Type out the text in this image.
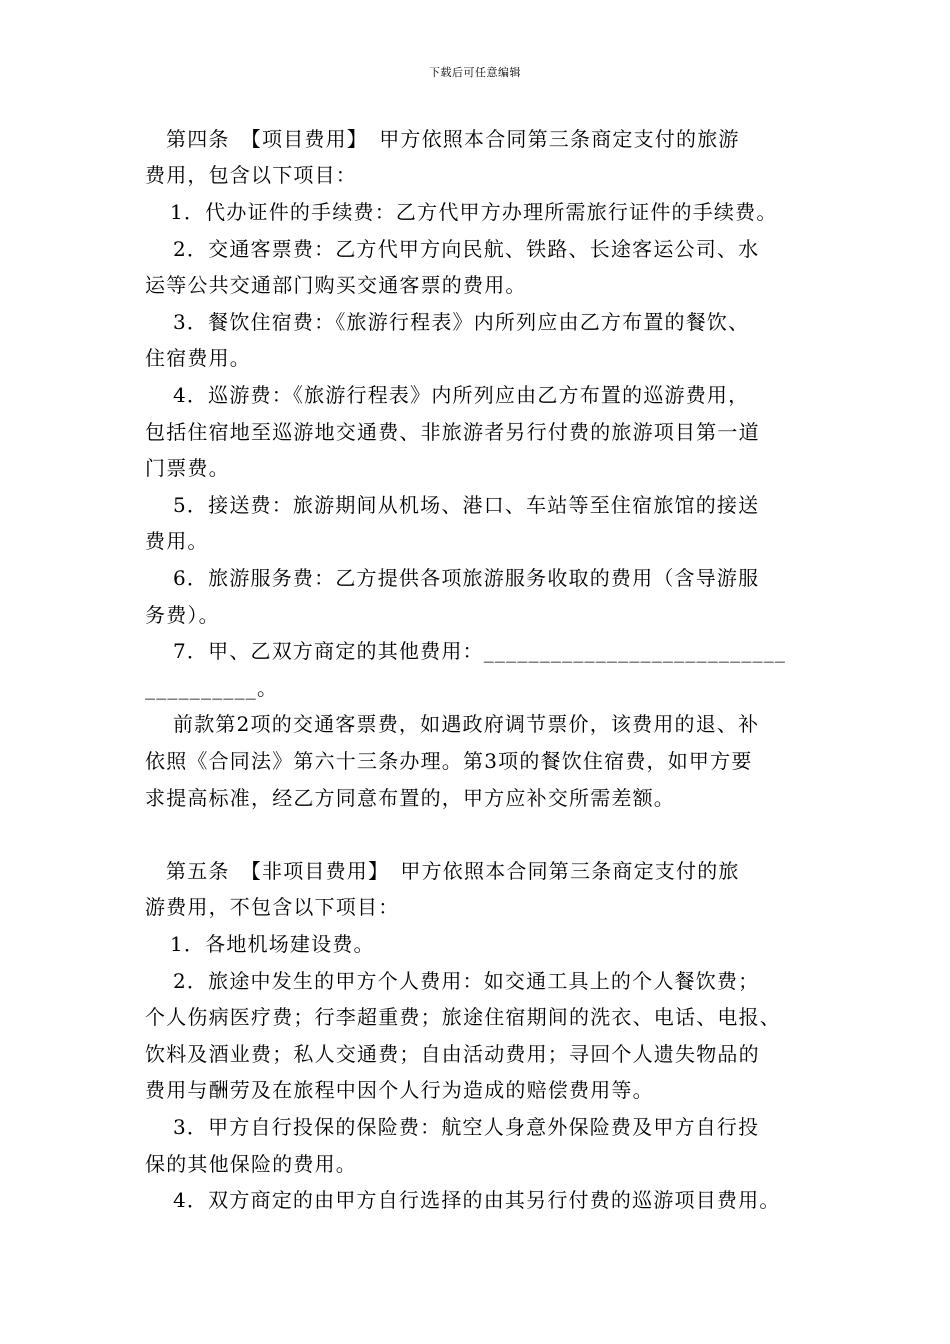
下载后可任意编辑
第四条　【项目费用】　甲方依照本合同第三条商定支付的旅游
费用，包含以下项目：
1．代办证件的手续费：乙方代甲方办理所需旅行证件的手续费。
2．交通客票费：乙方代甲方向民航、铁路、长途客运公司、水
运等公共交通部门购买交通客票的费用。
3．餐饮住宿费：《旅游行程表》内所列应由乙方布置的餐饮、
住宿费用。
4．巡游费：《旅游行程表》内所列应由乙方布置的巡游费用，
包括住宿地至巡游地交通费、非旅游者另行付费的旅游项目第一道
门票费。
5．接送费：旅游期间从机场、港口、车站等至住宿旅馆的接送
费用。
6．旅游服务费：乙方提供各项旅游服务收取的费用（含导游服
务费）。
7．甲、乙双方商定的其他费用：___________________________
__________。
前款第2项的交通客票费，如遇政府调节票价，该费用的退、补
依照《合同法》第六十三条办理。第3项的餐饮住宿费，如甲方要
求提高标准，经乙方同意布置的，甲方应补交所需差额。
第五条　【非项目费用】　甲方依照本合同第三条商定支付的旅
游费用，不包含以下项目：
1．各地机场建设费。
2．旅途中发生的甲方个人费用：如交通工具上的个人餐饮费；
个人伤病医疗费；行李超重费；旅途住宿期间的洗衣、电话、电报、
饮料及酒业费；私人交通费；自由活动费用；寻回个人遗失物品的
费用与酬劳及在旅程中因个人行为造成的赔偿费用等。
3．甲方自行投保的保险费：航空人身意外保险费及甲方自行投
保的其他保险的费用。
4．双方商定的由甲方自行选择的由其另行付费的巡游项目费用。
